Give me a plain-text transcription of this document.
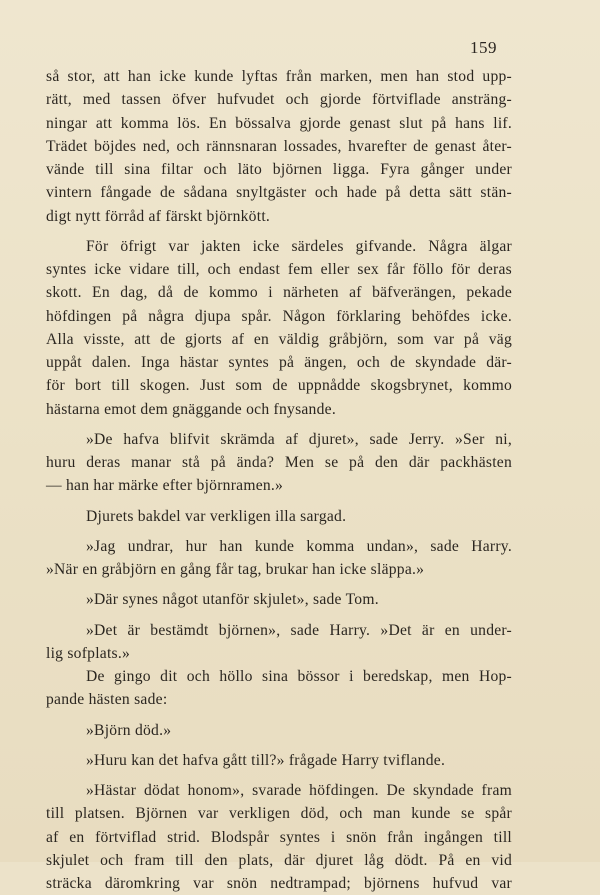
159
så stor, att han icke kunde lyftas från marken, men han stod upp-
rätt, med tassen öfver hufvudet och gjorde förtviflade ansträng-
ningar att komma lös. En bössalva gjorde genast slut på hans lif.
Trädet böjdes ned, och rännsnaran lossades, hvarefter de genast åter-
vände till sina filtar och läto björnen ligga. Fyra gånger under
vintern fångade de sådana snyltgäster och hade på detta sätt stän-
digt nytt förråd af färskt björnkött.
För öfrigt var jakten icke särdeles gifvande. Några älgar
syntes icke vidare till, och endast fem eller sex får föllo för deras
skott. En dag, då de kommo i närheten af bäfverängen, pekade
höfdingen på några djupa spår. Någon förklaring behöfdes icke.
Alla visste, att de gjorts af en väldig gråbjörn, som var på väg
uppåt dalen. Inga hästar syntes på ängen, och de skyndade där-
för bort till skogen. Just som de uppnådde skogsbrynet, kommo
hästarna emot dem gnäggande och fnysande.
»De hafva blifvit skrämda af djuret», sade Jerry. »Ser ni,
huru deras manar stå på ända? Men se på den där packhästen
— han har märke efter björnramen.»
Djurets bakdel var verkligen illa sargad.
»Jag undrar, hur han kunde komma undan», sade Harry.
»När en gråbjörn en gång får tag, brukar han icke släppa.»
»Där synes något utanför skjulet», sade Tom.
»Det är bestämdt björnen», sade Harry. »Det är en under-
lig sofplats.»
De gingo dit och höllo sina bössor i beredskap, men Hop-
pande hästen sade:
»Björn död.»
»Huru kan det hafva gått till?» frågade Harry tviflande.
»Hästar dödat honom», svarade höfdingen. De skyndade fram
till platsen. Björnen var verkligen död, och man kunde se spår
af en förtviflad strid. Blodspår syntes i snön från ingången till
skjulet och fram till den plats, där djuret låg dödt. På en vid
sträcka däromkring var snön nedtrampad; björnens hufvud var
